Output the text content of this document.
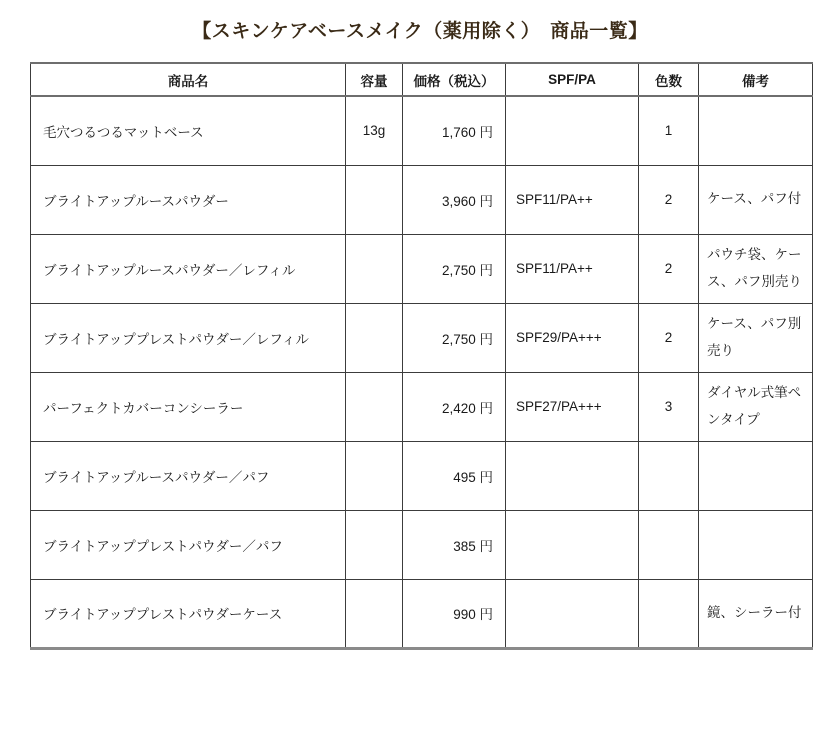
【スキンケアベースメイク（薬用除く）　商品一覧】
商品名	容量	価格（税込）	SPF/PA	色数	備考
毛穴つるつるマットベース	13g	1,760 円		1	
ブライトアップルースパウダー		3,960 円	SPF11/PA++	2	ケース、パフ付
ブライトアップルースパウダー／レフィル		2,750 円	SPF11/PA++	2	パウチ袋、ケース、パフ別売り
ブライトアッププレストパウダー／レフィル		2,750 円	SPF29/PA+++	2	ケース、パフ別売り
パーフェクトカバーコンシーラー		2,420 円	SPF27/PA+++	3	ダイヤル式筆ペンタイプ
ブライトアップルースパウダー／パフ		495 円			
ブライトアッププレストパウダー／パフ		385 円			
ブライトアッププレストパウダーケース		990 円			鏡、シーラー付
